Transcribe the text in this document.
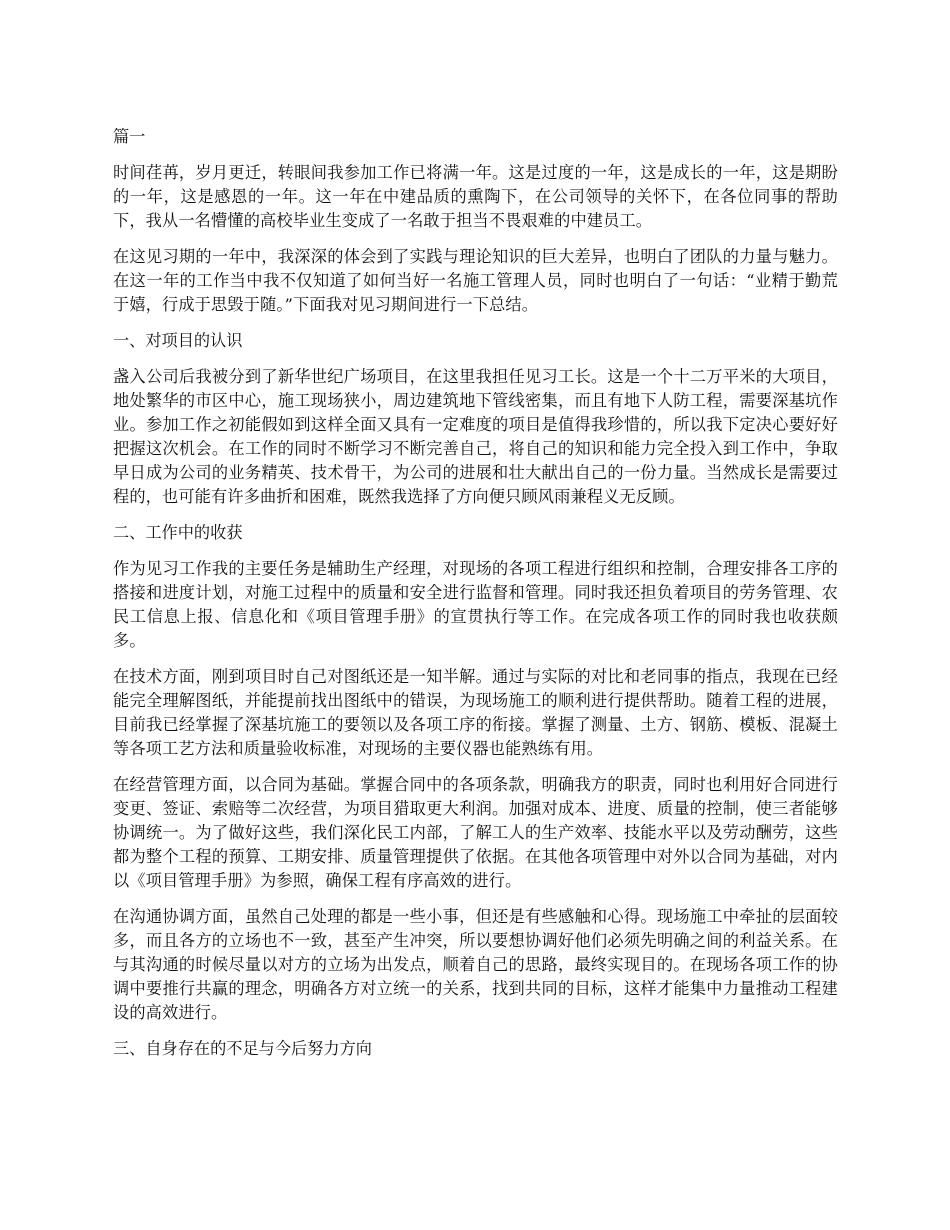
篇一

时间荏苒，岁月更迁，转眼间我参加工作已将满一年。这是过度的一年，这是成长的一年，这是期盼的一年，这是感恩的一年。这一年在中建品质的熏陶下，在公司领导的关怀下，在各位同事的帮助下，我从一名懵懂的高校毕业生变成了一名敢于担当不畏艰难的中建员工。

在这见习期的一年中，我深深的体会到了实践与理论知识的巨大差异，也明白了团队的力量与魅力。在这一年的工作当中我不仅知道了如何当好一名施工管理人员，同时也明白了一句话：“业精于勤荒于嬉，行成于思毁于随。”下面我对见习期间进行一下总结。

一、对项目的认识

盏入公司后我被分到了新华世纪广场项目，在这里我担任见习工长。这是一个十二万平米的大项目，地处繁华的市区中心，施工现场狭小，周边建筑地下管线密集，而且有地下人防工程，需要深基坑作业。参加工作之初能假如到这样全面又具有一定难度的项目是值得我珍惜的，所以我下定决心要好好把握这次机会。在工作的同时不断学习不断完善自己，将自己的知识和能力完全投入到工作中，争取早日成为公司的业务精英、技术骨干，为公司的进展和壮大献出自己的一份力量。当然成长是需要过程的，也可能有许多曲折和困难，既然我选择了方向便只顾风雨兼程义无反顾。

二、工作中的收获

作为见习工作我的主要任务是辅助生产经理，对现场的各项工程进行组织和控制，合理安排各工序的搭接和进度计划，对施工过程中的质量和安全进行监督和管理。同时我还担负着项目的劳务管理、农民工信息上报、信息化和《项目管理手册》的宣贯执行等工作。在完成各项工作的同时我也收获颇多。

在技术方面，刚到项目时自己对图纸还是一知半解。通过与实际的对比和老同事的指点，我现在已经能完全理解图纸，并能提前找出图纸中的错误，为现场施工的顺利进行提供帮助。随着工程的进展，目前我已经掌握了深基坑施工的要领以及各项工序的衔接。掌握了测量、土方、钢筋、模板、混凝土等各项工艺方法和质量验收标准，对现场的主要仪器也能熟练有用。

在经营管理方面，以合同为基础。掌握合同中的各项条款，明确我方的职责，同时也利用好合同进行变更、签证、索赔等二次经营，为项目猎取更大利润。加强对成本、进度、质量的控制，使三者能够协调统一。为了做好这些，我们深化民工内部，了解工人的生产效率、技能水平以及劳动酬劳，这些都为整个工程的预算、工期安排、质量管理提供了依据。在其他各项管理中对外以合同为基础，对内以《项目管理手册》为参照，确保工程有序高效的进行。

在沟通协调方面，虽然自己处理的都是一些小事，但还是有些感触和心得。现场施工中牵扯的层面较多，而且各方的立场也不一致，甚至产生冲突，所以要想协调好他们必须先明确之间的利益关系。在与其沟通的时候尽量以对方的立场为出发点，顺着自己的思路，最终实现目的。在现场各项工作的协调中要推行共赢的理念，明确各方对立统一的关系，找到共同的目标，这样才能集中力量推动工程建设的高效进行。

三、自身存在的不足与今后努力方向
